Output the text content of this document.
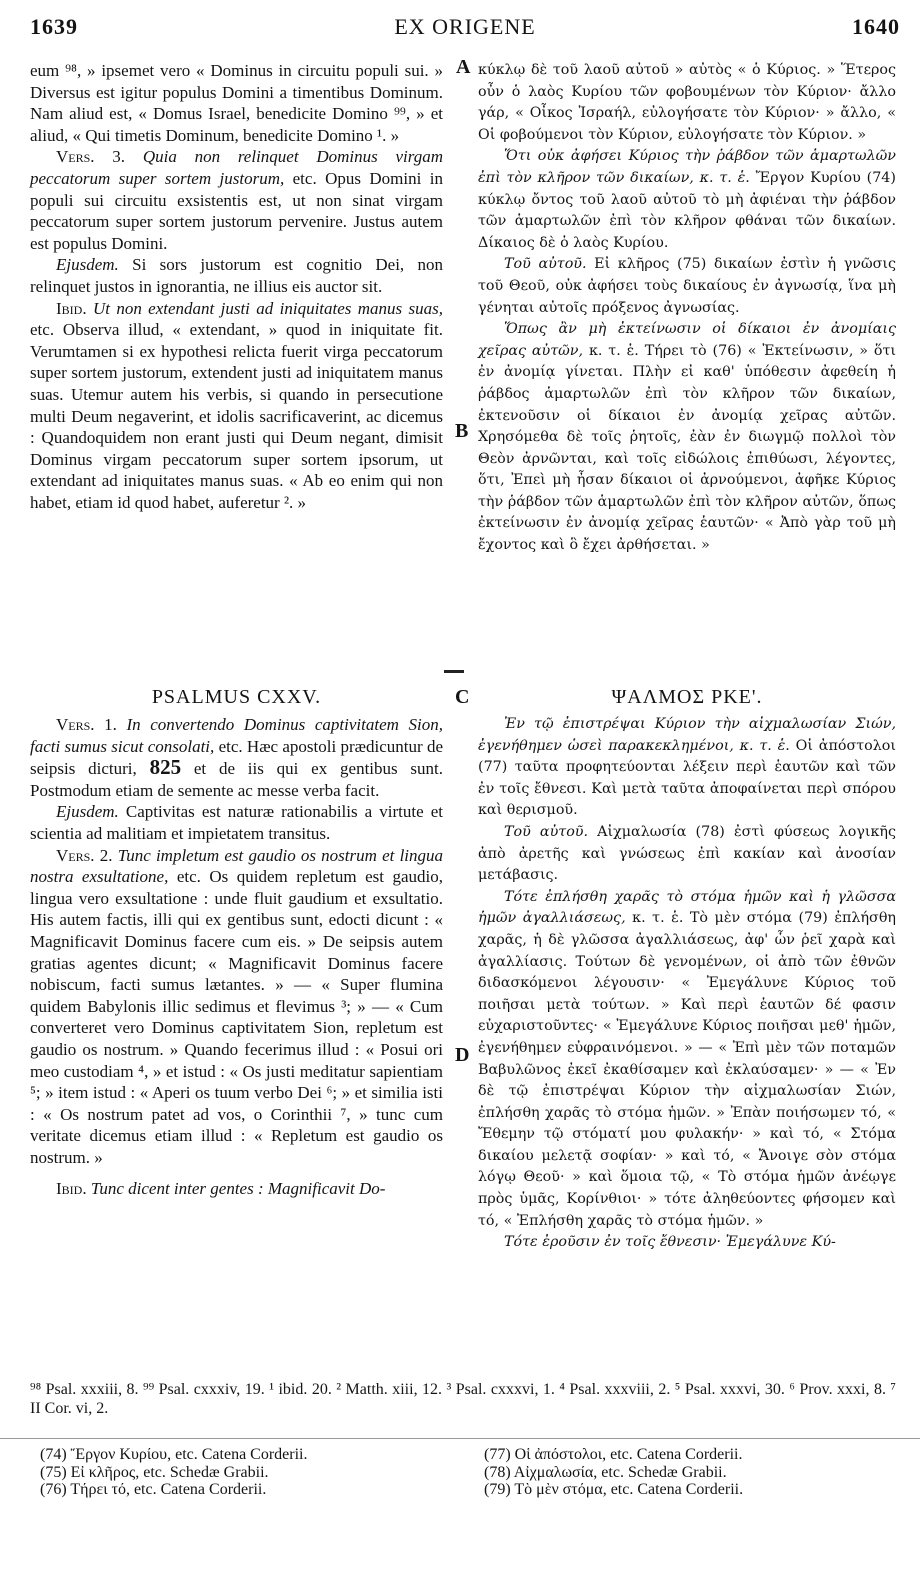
1639	EX ORIGENE	1640

eum ⁹⁸, » ipsemet vero « Dominus in circuitu populi sui. » Diversus est igitur populus Domini a timentibus Dominum. Nam aliud est, « Domus Israel, benedicite Domino ⁹⁹, » et aliud, « Qui timetis Dominum, benedicite Domino ¹. »

Vers. 3. Quia non relinquet Dominus virgam peccatorum super sortem justorum, etc. Opus Domini in populi sui circuitu exsistentis est, ut non sinat virgam peccatorum super sortem justorum pervenire. Justus autem est populus Domini.

Ejusdem. Si sors justorum est cognitio Dei, non relinquet justos in ignorantia, ne illius eis auctor sit.

Ibid. Ut non extendant justi ad iniquitates manus suas, etc. Observa illud, « extendant, » quod in iniquitate fit. Verumtamen si ex hypothesi relicta fuerit virga peccatorum super sortem justorum, extendent justi ad iniquitatem manus suas. Utemur autem his verbis, si quando in persecutione multi Deum negaverint, et idolis sacrificaverint, ac dicemus : Quandoquidem non erant justi qui Deum negant, dimisit Dominus virgam peccatorum super sortem ipsorum, ut extendant ad iniquitates manus suas. « Ab eo enim qui non habet, etiam id quod habet, auferetur ². »

A
B

κύκλῳ δὲ τοῦ λαοῦ αὐτοῦ » αὐτὸς « ὁ Κύριος. » Ἕτερος οὖν ὁ λαὸς Κυρίου τῶν φοβουμένων τὸν Κύριον· ἄλλο γάρ, « Οἶκος Ἰσραήλ, εὐλογήσατε τὸν Κύριον· » ἄλλο, « Οἱ φοβούμενοι τὸν Κύριον, εὐλογήσατε τὸν Κύριον. »

Ὅτι οὐκ ἀφήσει Κύριος τὴν ῥάβδον τῶν ἁμαρτωλῶν ἐπὶ τὸν κλῆρον τῶν δικαίων, κ. τ. ἑ. Ἔργον Κυρίου (74) κύκλῳ ὄντος τοῦ λαοῦ αὐτοῦ τὸ μὴ ἀφιέναι τὴν ῥάβδον τῶν ἁμαρτωλῶν ἐπὶ τὸν κλῆρον φθάναι τῶν δικαίων. Δίκαιος δὲ ὁ λαὸς Κυρίου.

Τοῦ αὐτοῦ. Εἰ κλῆρος (75) δικαίων ἐστὶν ἡ γνῶσις τοῦ Θεοῦ, οὐκ ἀφήσει τοὺς δικαίους ἐν ἀγνωσίᾳ, ἵνα μὴ γένηται αὐτοῖς πρόξενος ἀγνωσίας.

Ὅπως ἂν μὴ ἐκτείνωσιν οἱ δίκαιοι ἐν ἀνομίαις χεῖρας αὐτῶν, κ. τ. ἑ. Τήρει τὸ (76) « Ἐκτείνωσιν, » ὅτι ἐν ἀνομίᾳ γίνεται. Πλὴν εἰ καθ' ὑπόθεσιν ἀφεθείη ἡ ῥάβδος ἁμαρτωλῶν ἐπὶ τὸν κλῆρον τῶν δικαίων, ἐκτενοῦσιν οἱ δίκαιοι ἐν ἀνομίᾳ χεῖρας αὐτῶν. Χρησόμεθα δὲ τοῖς ῥητοῖς, ἐὰν ἐν διωγμῷ πολλοὶ τὸν Θεὸν ἀρνῶνται, καὶ τοῖς εἰδώλοις ἐπιθύωσι, λέγοντες, ὅτι, Ἐπεὶ μὴ ἦσαν δίκαιοι οἱ ἀρνούμενοι, ἀφῆκε Κύριος τὴν ῥάβδον τῶν ἁμαρτωλῶν ἐπὶ τὸν κλῆρον αὐτῶν, ὅπως ἐκτείνωσιν ἐν ἀνομίᾳ χεῖρας ἑαυτῶν· « Ἀπὸ γὰρ τοῦ μὴ ἔχοντος καὶ ὃ ἔχει ἀρθήσεται. »

PSALMUS CXXV.	C	ΨΑΛΜΟΣ ΡΚΕ'.

Vers. 1. In convertendo Dominus captivitatem Sion, facti sumus sicut consolati, etc. Hæc apostoli prædicuntur de seipsis dicturi, 825 et de iis qui ex gentibus sunt. Postmodum etiam de semente ac messe verba facit.

Ejusdem. Captivitas est naturæ rationabilis a virtute et scientia ad malitiam et impietatem transitus.

Vers. 2. Tunc impletum est gaudio os nostrum et lingua nostra exsultatione, etc. Os quidem repletum est gaudio, lingua vero exsultatione : unde fluit gaudium et exsultatio. His autem factis, illi qui ex gentibus sunt, edocti dicunt : « Magnificavit Dominus facere cum eis. » De seipsis autem gratias agentes dicunt; « Magnificavit Dominus facere nobiscum, facti sumus lætantes. » — « Super flumina quidem Babylonis illic sedimus et flevimus ³; » — « Cum converteret vero Dominus captivitatem Sion, repletum est gaudio os nostrum. » Quando fecerimus illud : « Posui ori meo custodiam ⁴, » et istud : « Os justi meditatur sapientiam ⁵; » item istud : « Aperi os tuum verbo Dei ⁶; » et similia isti : « Os nostrum patet ad vos, o Corinthii ⁷, » tunc cum veritate dicemus etiam illud : « Repletum est gaudio os nostrum. »

Ibid. Tunc dicent inter gentes : Magnificavit Do-

D

Ἐν τῷ ἐπιστρέψαι Κύριον τὴν αἰχμαλωσίαν Σιών, ἐγενήθημεν ὡσεὶ παρακεκλημένοι, κ. τ. ἑ. Οἱ ἀπόστολοι (77) ταῦτα προφητεύονται λέξειν περὶ ἑαυτῶν καὶ τῶν ἐν τοῖς ἔθνεσι. Καὶ μετὰ ταῦτα ἀποφαίνεται περὶ σπόρου καὶ θερισμοῦ.

Τοῦ αὐτοῦ. Αἰχμαλωσία (78) ἐστὶ φύσεως λογικῆς ἀπὸ ἀρετῆς καὶ γνώσεως ἐπὶ κακίαν καὶ ἀνοσίαν μετάβασις.

Τότε ἐπλήσθη χαρᾶς τὸ στόμα ἡμῶν καὶ ἡ γλῶσσα ἡμῶν ἀγαλλιάσεως, κ. τ. ἑ. Τὸ μὲν στόμα (79) ἐπλήσθη χαρᾶς, ἡ δὲ γλῶσσα ἀγαλλιάσεως, ἀφ' ὧν ῥεῖ χαρὰ καὶ ἀγαλλίασις. Τούτων δὲ γενομένων, οἱ ἀπὸ τῶν ἐθνῶν διδασκόμενοι λέγουσιν· « Ἐμεγάλυνε Κύριος τοῦ ποιῆσαι μετὰ τούτων. » Καὶ περὶ ἑαυτῶν δέ φασιν εὐχαριστοῦντες· « Ἐμεγάλυνε Κύριος ποιῆσαι μεθ' ἡμῶν, ἐγενήθημεν εὐφραινόμενοι. » — « Ἐπὶ μὲν τῶν ποταμῶν Βαβυλῶνος ἐκεῖ ἐκαθίσαμεν καὶ ἐκλαύσαμεν· » — « Ἐν δὲ τῷ ἐπιστρέψαι Κύριον τὴν αἰχμαλωσίαν Σιών, ἐπλήσθη χαρᾶς τὸ στόμα ἡμῶν. » Ἐπὰν ποιήσωμεν τό, « Ἔθεμην τῷ στόματί μου φυλακήν· » καὶ τό, « Στόμα δικαίου μελετᾷ σοφίαν· » καὶ τό, « Ἄνοιγε σὸν στόμα λόγῳ Θεοῦ· » καὶ ὅμοια τῷ, « Τὸ στόμα ἡμῶν ἀνέῳγε πρὸς ὑμᾶς, Κορίνθιοι· » τότε ἀληθεύοντες φήσομεν καὶ τό, « Ἐπλήσθη χαρᾶς τὸ στόμα ἡμῶν. »

Τότε ἐροῦσιν ἐν τοῖς ἔθνεσιν· Ἐμεγάλυνε Κύ-

⁹⁸ Psal. xxxiii, 8. ⁹⁹ Psal. cxxxiv, 19. ¹ ibid. 20. ² Matth. xiii, 12. ³ Psal. cxxxvi, 1. ⁴ Psal. xxxviii, 2. ⁵ Psal. xxxvi, 30. ⁶ Prov. xxxi, 8. ⁷ II Cor. vi, 2.
(74) Ἔργον Κυρίου, etc. Catena Corderii.
(75) Εἰ κλῆρος, etc. Schedæ Grabii.
(76) Τήρει τό, etc. Catena Corderii.
(77) Οἱ ἀπόστολοι, etc. Catena Corderii.
(78) Αἰχμαλωσία, etc. Schedæ Grabii.
(79) Τὸ μὲν στόμα, etc. Catena Corderii.
